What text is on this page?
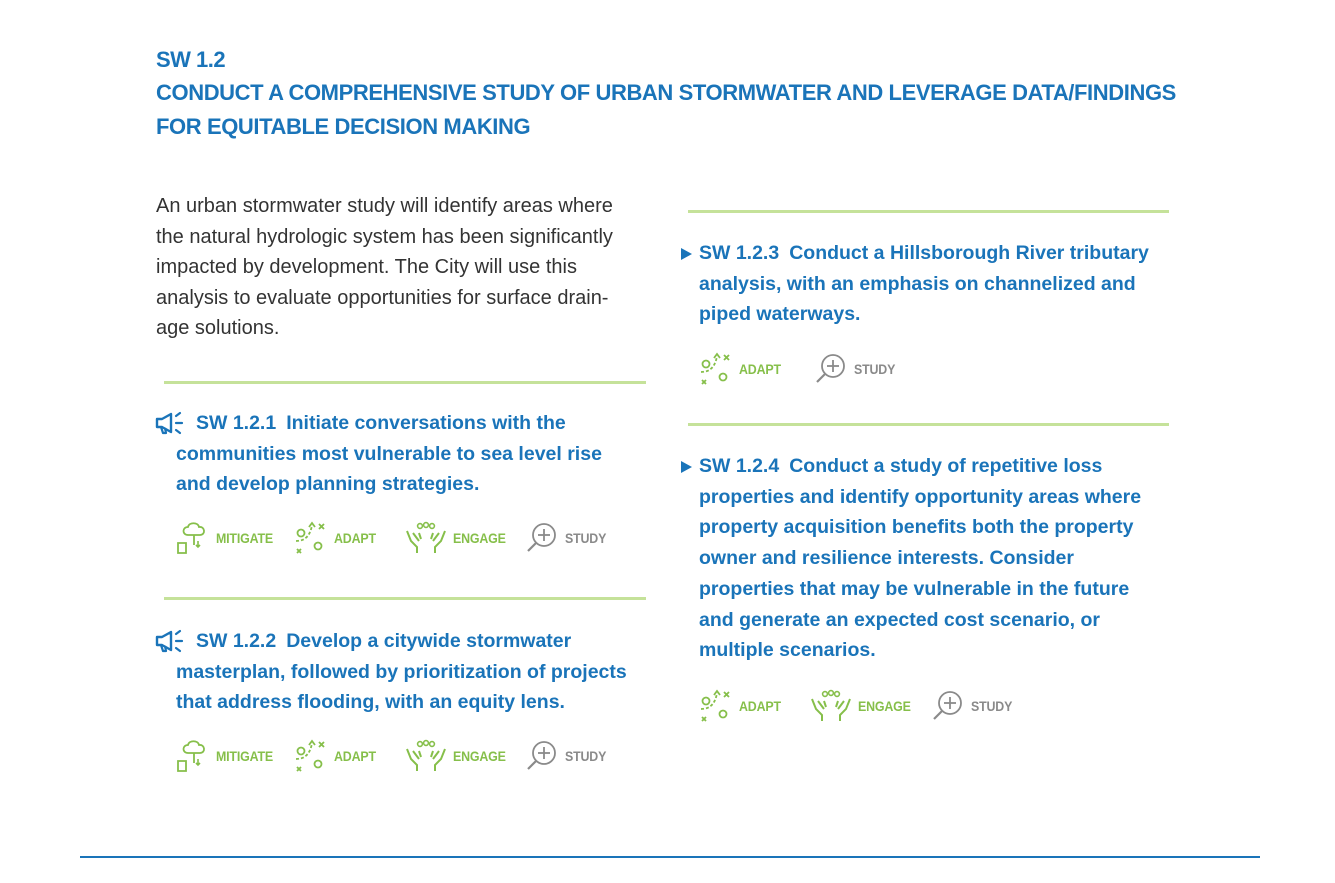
SW 1.2
CONDUCT A COMPREHENSIVE STUDY OF URBAN STORMWATER AND LEVERAGE DATA/FINDINGS
FOR EQUITABLE DECISION MAKING
An urban stormwater study will identify areas where
the natural hydrologic system has been significantly
impacted by development. The City will use this
analysis to evaluate opportunities for surface drain-
age solutions.
SW 1.2.1 Initiate conversations with the
communities most vulnerable to sea level rise
and develop planning strategies.
MITIGATE	ADAPT	ENGAGE	STUDY
SW 1.2.2 Develop a citywide stormwater
masterplan, followed by prioritization of projects
that address flooding, with an equity lens.
MITIGATE	ADAPT	ENGAGE	STUDY
SW 1.2.3 Conduct a Hillsborough River tributary
analysis, with an emphasis on channelized and
piped waterways.
ADAPT	STUDY
SW 1.2.4 Conduct a study of repetitive loss
properties and identify opportunity areas where
property acquisition benefits both the property
owner and resilience interests. Consider
properties that may be vulnerable in the future
and generate an expected cost scenario, or
multiple scenarios.
ADAPT	ENGAGE	STUDY
